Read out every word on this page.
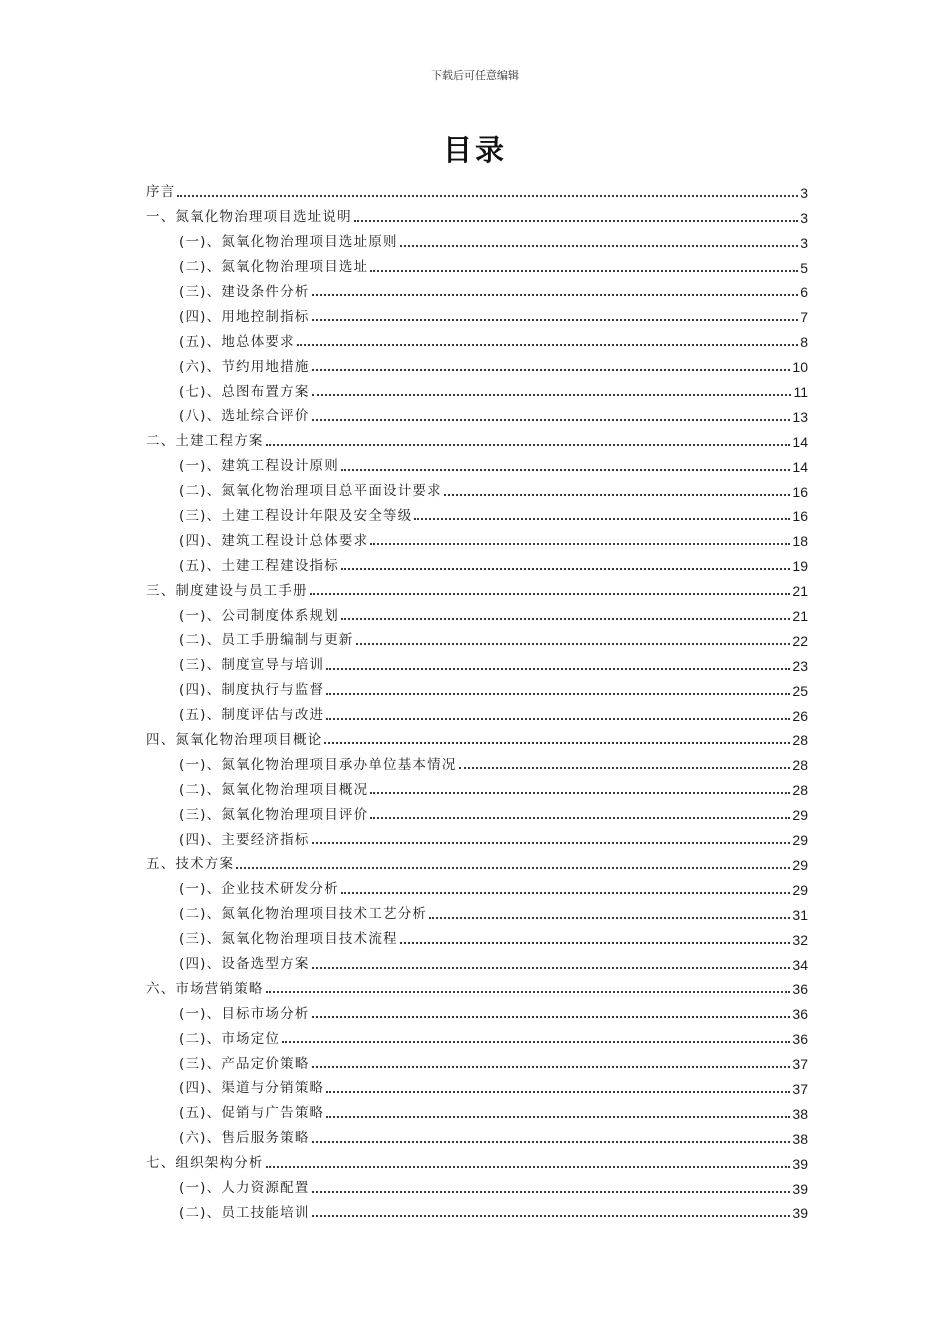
下载后可任意编辑
目录
序言	3
一、氮氧化物治理项目选址说明	3
(一)、氮氧化物治理项目选址原则	3
(二)、氮氧化物治理项目选址	5
(三)、建设条件分析	6
(四)、用地控制指标	7
(五)、地总体要求	8
(六)、节约用地措施	10
(七)、总图布置方案	11
(八)、选址综合评价	13
二、土建工程方案	14
(一)、建筑工程设计原则	14
(二)、氮氧化物治理项目总平面设计要求	16
(三)、土建工程设计年限及安全等级	16
(四)、建筑工程设计总体要求	18
(五)、土建工程建设指标	19
三、制度建设与员工手册	21
(一)、公司制度体系规划	21
(二)、员工手册编制与更新	22
(三)、制度宣导与培训	23
(四)、制度执行与监督	25
(五)、制度评估与改进	26
四、氮氧化物治理项目概论	28
(一)、氮氧化物治理项目承办单位基本情况	28
(二)、氮氧化物治理项目概况	28
(三)、氮氧化物治理项目评价	29
(四)、主要经济指标	29
五、技术方案	29
(一)、企业技术研发分析	29
(二)、氮氧化物治理项目技术工艺分析	31
(三)、氮氧化物治理项目技术流程	32
(四)、设备选型方案	34
六、市场营销策略	36
(一)、目标市场分析	36
(二)、市场定位	36
(三)、产品定价策略	37
(四)、渠道与分销策略	37
(五)、促销与广告策略	38
(六)、售后服务策略	38
七、组织架构分析	39
(一)、人力资源配置	39
(二)、员工技能培训	39
